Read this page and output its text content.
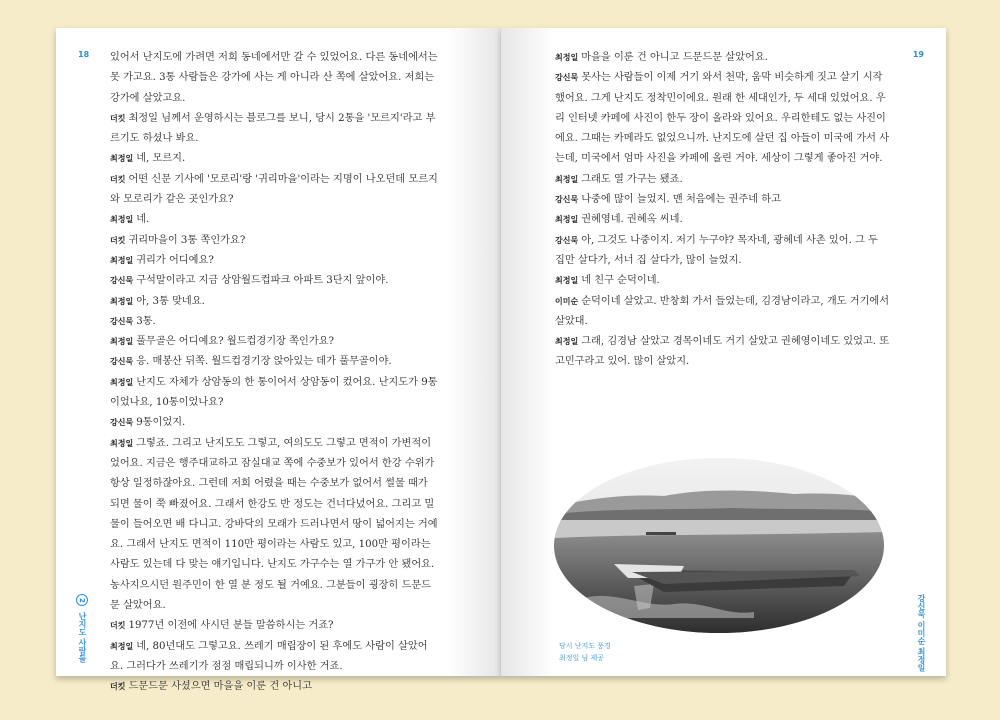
18 있어서 난지도에 가려면 저희 동네에서만 갈 수 있었어요. 다른 동네에서는 못 가고요. 3통 사람들은 강가에 사는 게 아니라 산 쪽에 살았어요. 저희는 강가에 살았고요.
더킷 최정일 님께서 운영하시는 블로그를 보니, 당시 2통을 '모르지'라고 부르기도 하셨나 봐요.
최정일 네, 모르지.
더킷 어떤 신문 기사에 '모로리'랑 '귀리마을'이라는 지명이 나오던데 모르지와 모로리가 같은 곳인가요?
최정일 네.
더킷 귀리마을이 3통 쪽인가요?
최정일 귀리가 어디예요?
강신묵 구석말이라고 지금 상암월드컵파크 아파트 3단지 앞이야.
최정일 아, 3통 맞네요.
강신묵 3통.
최정일 풀무골은 어디예요? 월드컵경기장 쪽인가요?
강신묵 응. 매봉산 뒤쪽. 월드컵경기장 앉아있는 데가 풀무골이야.
최정일 난지도 자체가 상암동의 한 통이어서 상암동이 컸어요. 난지도가 9통이었나요, 10통이었나요?
강신묵 9통이었지.
최정일 그렇죠. 그리고 난지도도 그렇고, 여의도도 그렇고 면적이 가변적이었어요. 지금은 행주대교하고 잠실대교 쪽에 수중보가 있어서 한강 수위가 항상 일정하잖아요. 그런데 저희 어렸을 때는 수중보가 없어서 썰물 때가 되면 물이 쭉 빠졌어요. 그래서 한강도 반 정도는 건너다녔어요. 그리고 밀물이 들어오면 배 다니고. 강바닥의 모래가 드러나면서 땅이 넓어지는 거예요. 그래서 난지도 면적이 110만 평이라는 사람도 있고, 100만 평이라는 사람도 있는데 다 맞는 얘기입니다. 난지도 가구수는 열 가구가 안 됐어요. 농사지으시던 원주민이 한 열 분 정도 될 거예요. 그분들이 굉장히 드문드문 살았어요.
더킷 1977년 이전에 사시던 분들 말씀하시는 거죠?
최정일 네, 80년대도 그렇고요. 쓰레기 매립장이 된 후에도 사람이 살았어요. 그러다가 쓰레기가 점점 매립되니까 이사한 거죠.
더킷 드문드문 사셨으면 마을을 이룬 건 아니고
2 난지도 사람들
19
최정일 마을을 이룬 건 아니고 드문드문 살았어요.
강신묵 못사는 사람들이 이제 거기 와서 천막, 움막 비슷하게 짓고 살기 시작했어요. 그게 난지도 정착민이에요. 원래 한 세대인가, 두 세대 있었어요. 우리 인터넷 카페에 사진이 한두 장이 올라와 있어요. 우리한테도 없는 사진이에요. 그때는 카메라도 없었으니까. 난지도에 살던 집 아들이 미국에 가서 사는데, 미국에서 엄마 사진을 카페에 올린 거야. 세상이 그렇게 좋아진 거야.
최정일 그래도 열 가구는 됐죠.
강신묵 나중에 많이 늘었지. 맨 처음에는 권주네 하고
최정일 권혜영네. 권혜옥 씨네.
강신묵 아, 그것도 나중이지. 저기 누구야? 목자네, 광혜네 사촌 있어. 그 두 집만 살다가, 서너 집 살다가, 많이 늘었지.
최정일 네 친구 순덕이네.
이미순 순덕이네 살았고. 반창회 가서 들었는데, 김경남이라고, 개도 거기에서 살았대.
최정일 그래, 김경남 살았고 경목이네도 거기 살았고 권혜영이네도 있었고. 또 고민구라고 있어. 많이 살았지.
당시 난지도 풍경
최정일 님 제공	강신묵 이미순 최정일
